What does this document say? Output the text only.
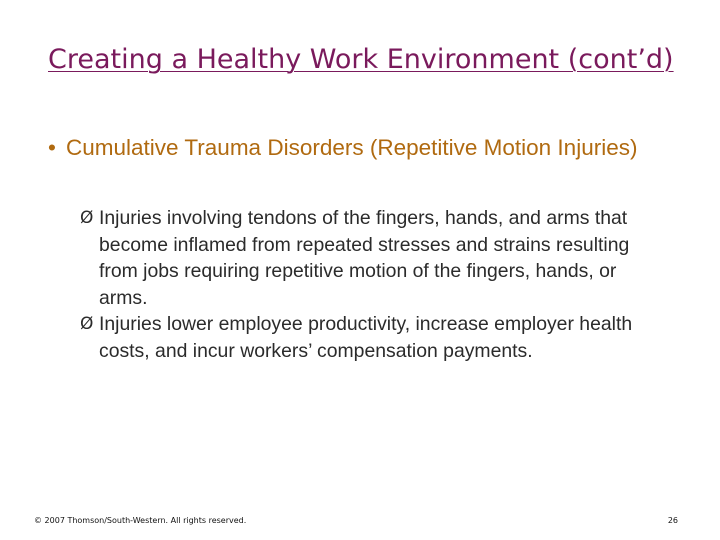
Creating a Healthy Work Environment (cont’d)
• Cumulative Trauma Disorders (Repetitive Motion Injuries)
Ø Injuries involving tendons of the fingers, hands, and arms that become inflamed from repeated stresses and strains resulting from jobs requiring repetitive motion of the fingers, hands, or arms.
Ø Injuries lower employee productivity, increase employer health costs, and incur workers’ compensation payments.
© 2007 Thomson/South-Western. All rights reserved.	26
